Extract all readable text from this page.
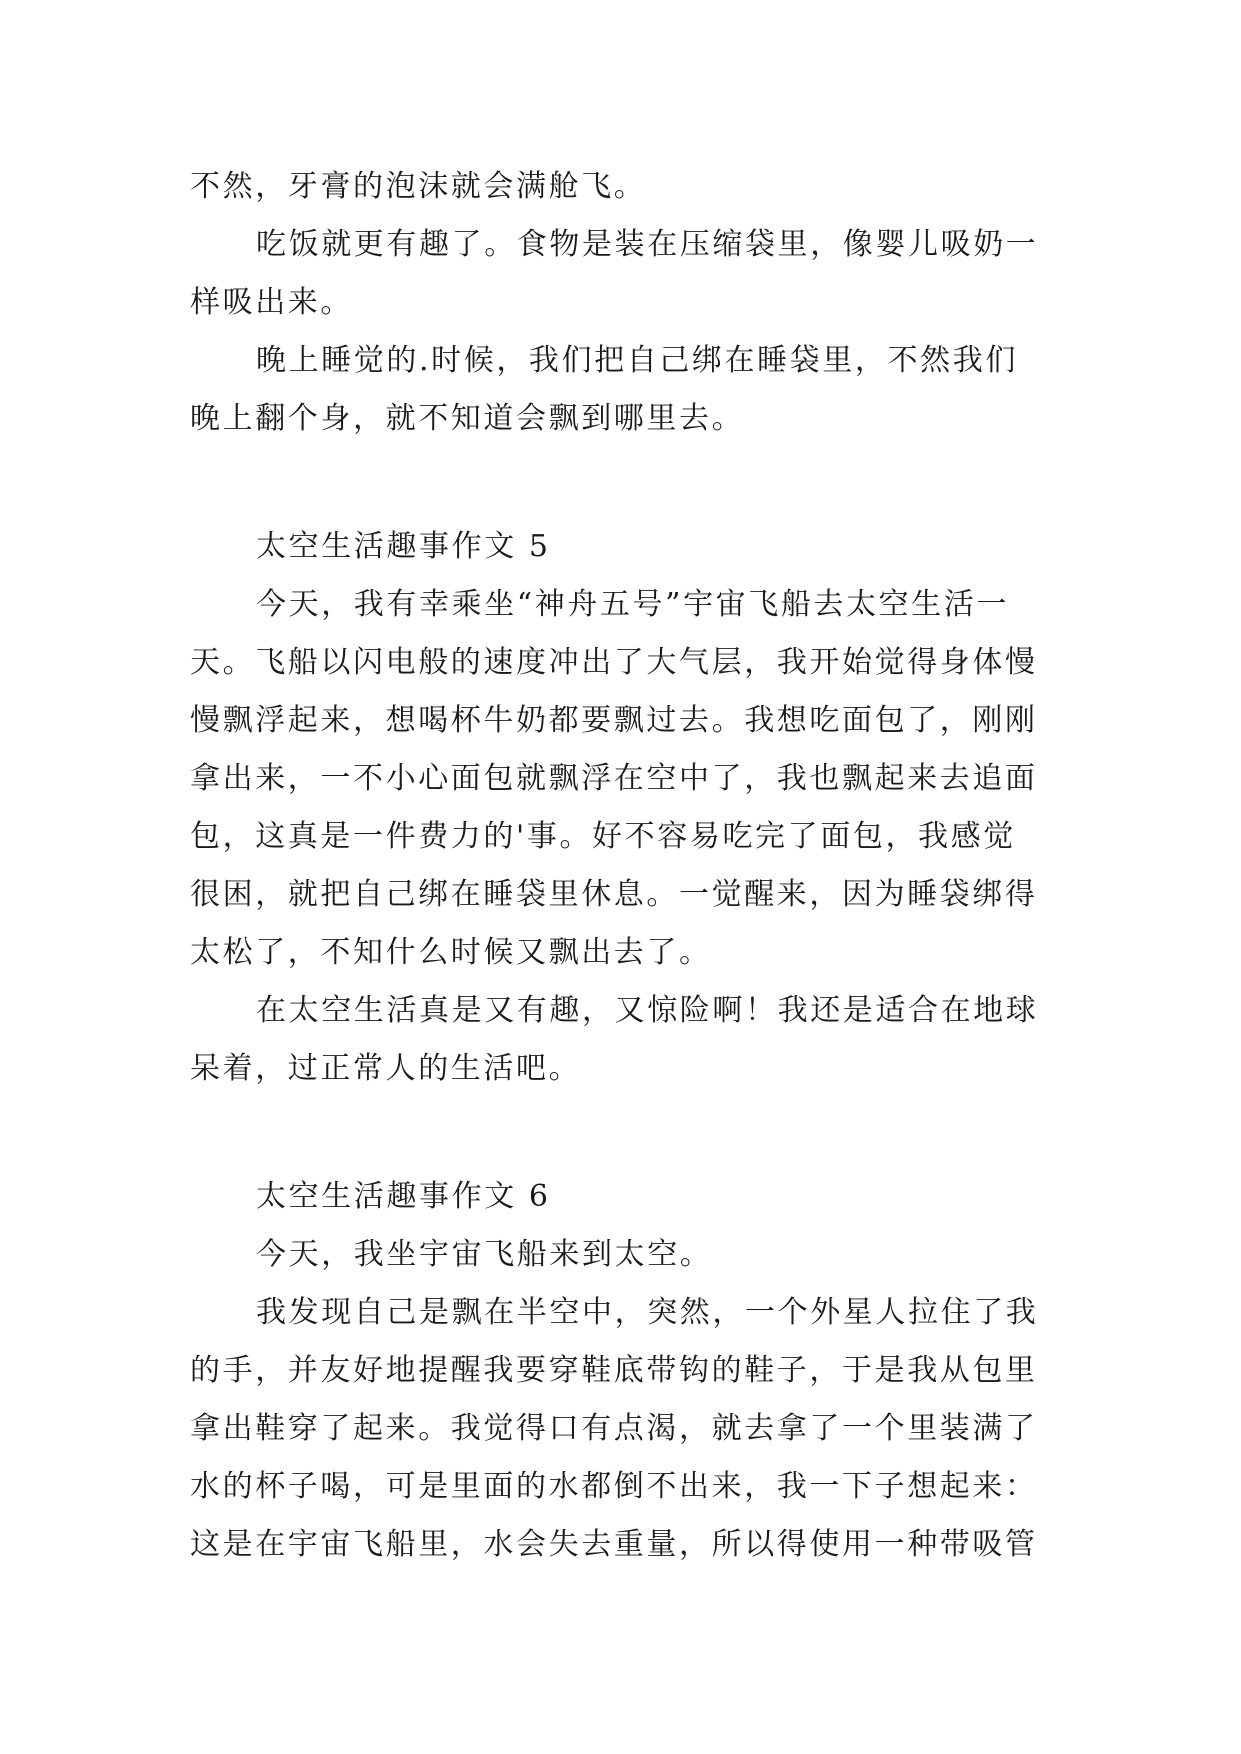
不然，牙膏的泡沫就会满舱飞。
吃饭就更有趣了。食物是装在压缩袋里，像婴儿吸奶一
样吸出来。
晚上睡觉的.时候，我们把自己绑在睡袋里，不然我们
晚上翻个身，就不知道会飘到哪里去。
太空生活趣事作文 5
今天，我有幸乘坐“神舟五号”宇宙飞船去太空生活一
天。飞船以闪电般的速度冲出了大气层，我开始觉得身体慢
慢飘浮起来，想喝杯牛奶都要飘过去。我想吃面包了，刚刚
拿出来，一不小心面包就飘浮在空中了，我也飘起来去追面
包，这真是一件费力的'事。好不容易吃完了面包，我感觉
很困，就把自己绑在睡袋里休息。一觉醒来，因为睡袋绑得
太松了，不知什么时候又飘出去了。
在太空生活真是又有趣，又惊险啊！我还是适合在地球
呆着，过正常人的生活吧。
太空生活趣事作文 6
今天，我坐宇宙飞船来到太空。
我发现自己是飘在半空中，突然，一个外星人拉住了我
的手，并友好地提醒我要穿鞋底带钩的鞋子，于是我从包里
拿出鞋穿了起来。我觉得口有点渴，就去拿了一个里装满了
水的杯子喝，可是里面的水都倒不出来，我一下子想起来：
这是在宇宙飞船里，水会失去重量，所以得使用一种带吸管
